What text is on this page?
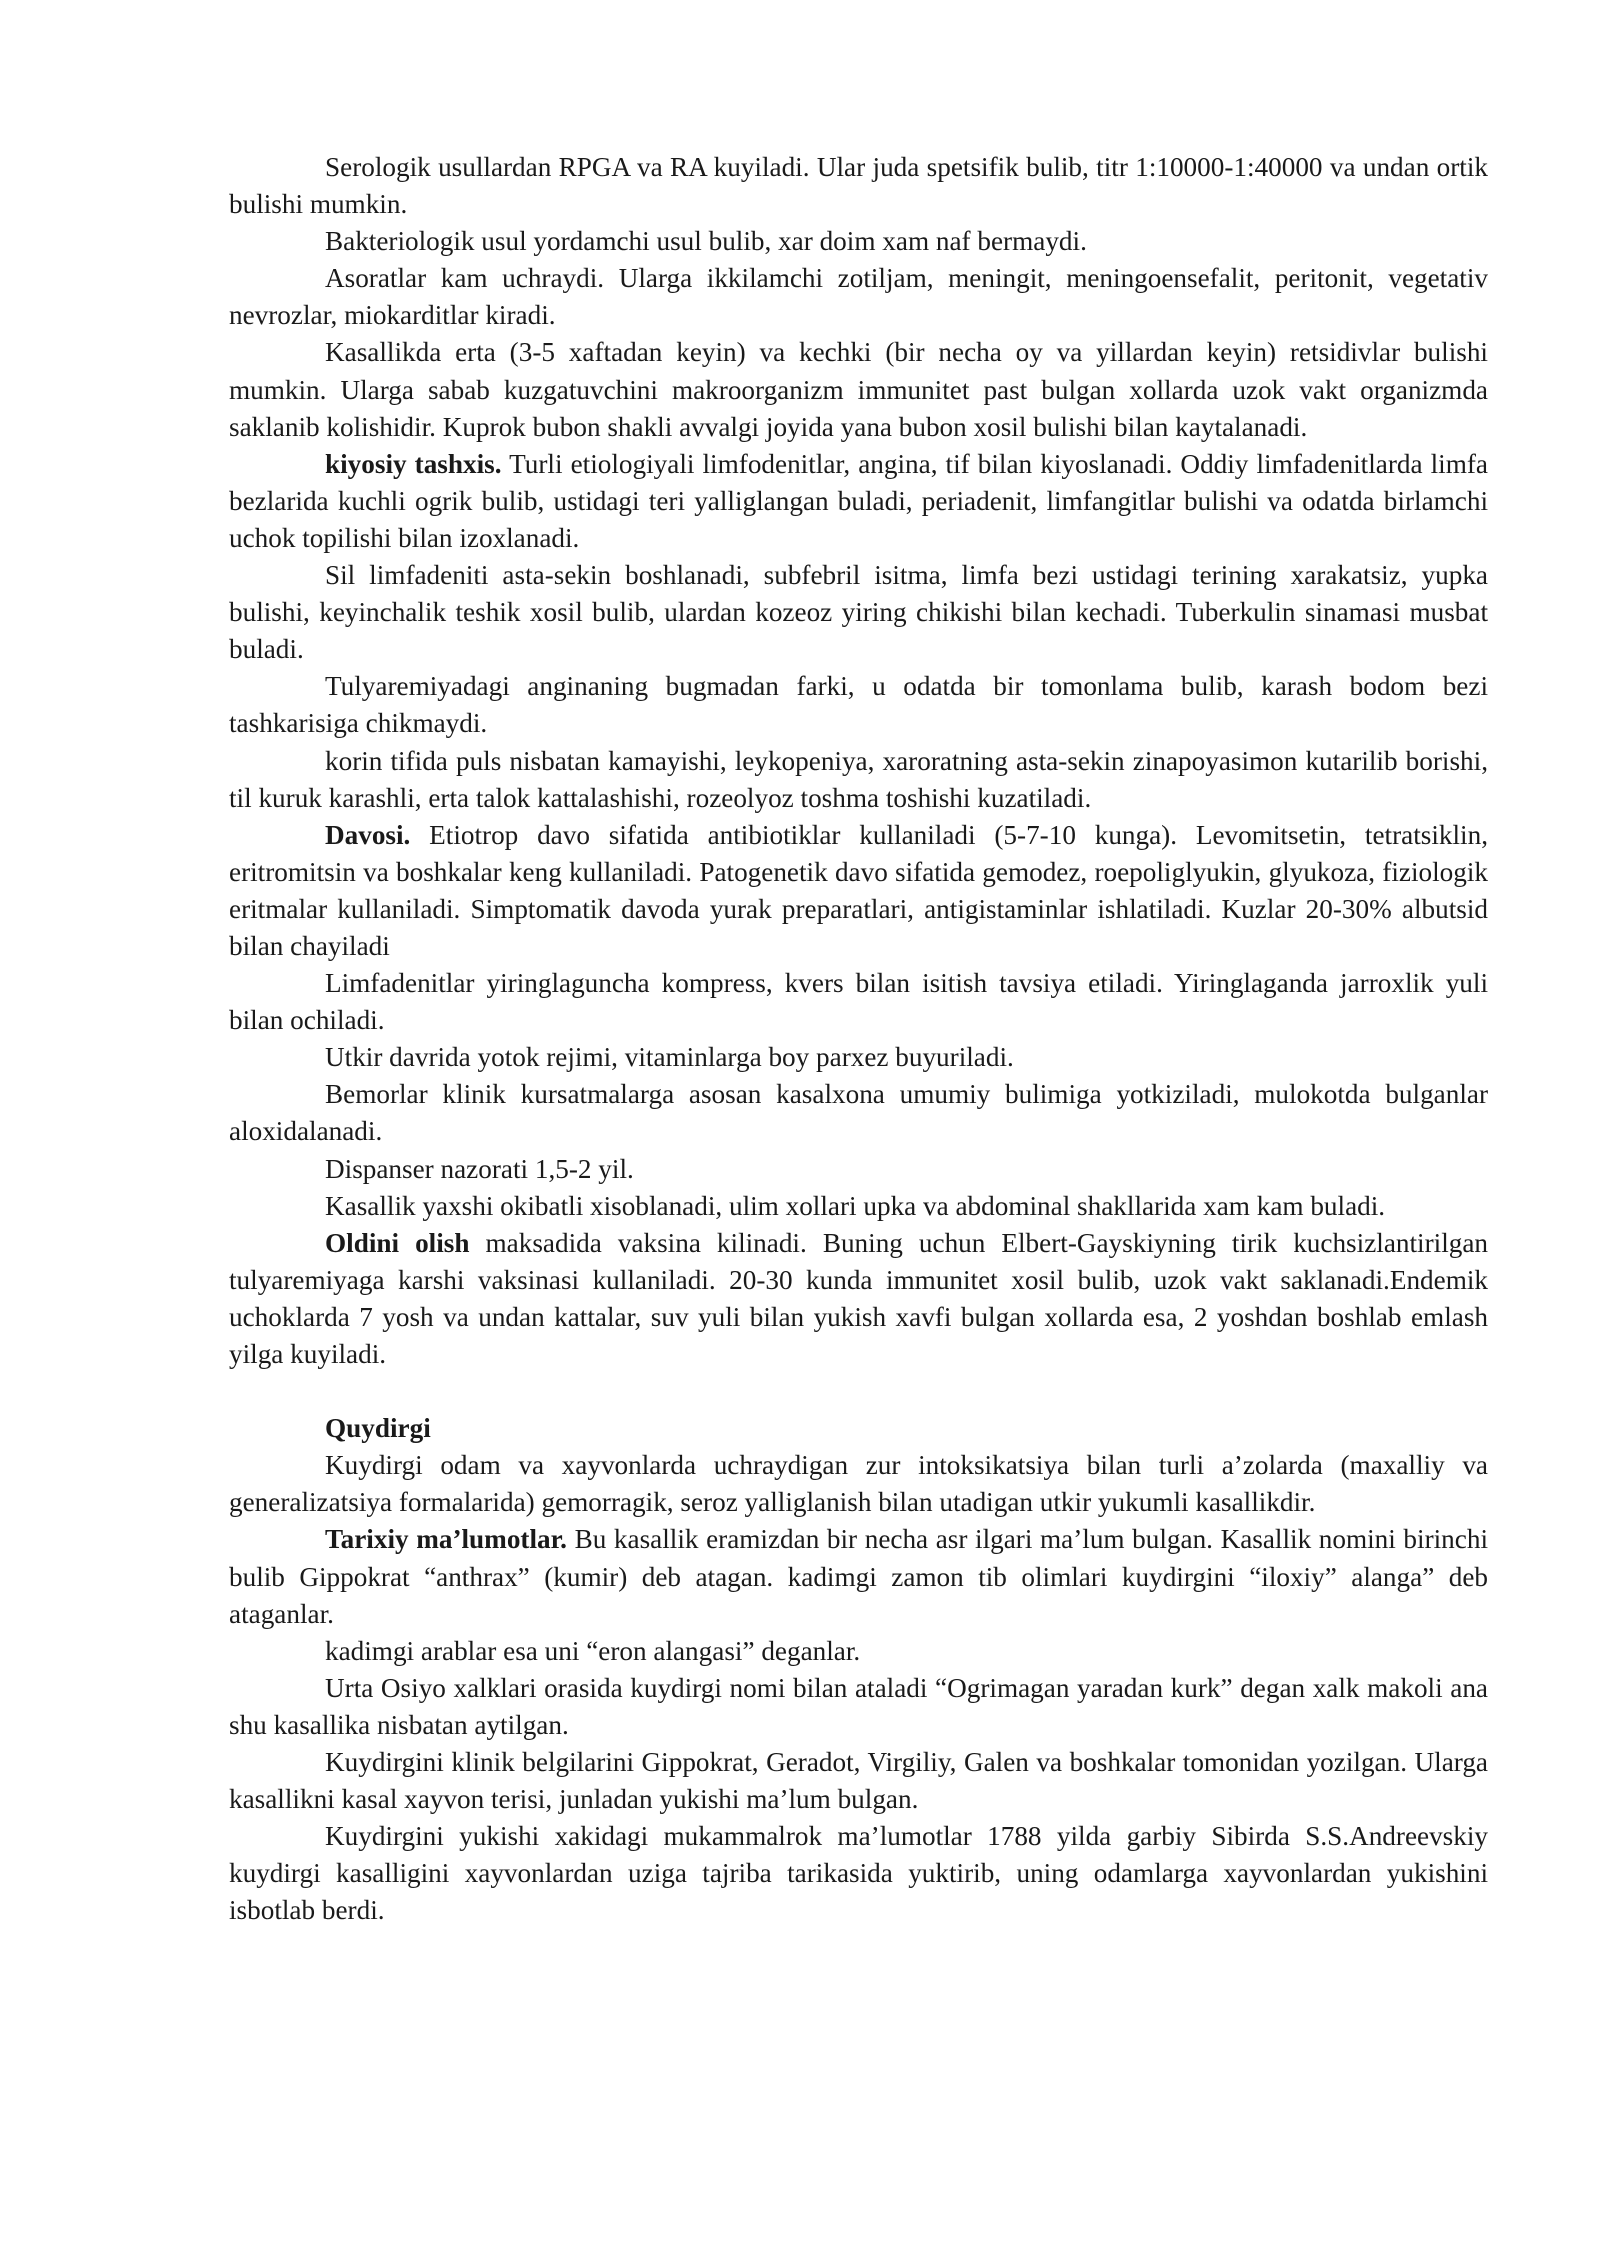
Serologik usullardan RPGA va RA kuyiladi. Ular juda spetsifik bulib, titr 1:10000-1:40000 va undan ortik bulishi mumkin.

Bakteriologik usul yordamchi usul bulib, xar doim xam naf bermaydi.

Asoratlar kam uchraydi. Ularga ikkilamchi zotiljam, meningit, meningoensefalit, peritonit, vegetativ nevrozlar, miokarditlar kiradi.

Kasallikda erta (3-5 xaftadan keyin) va kechki (bir necha oy va yillardan keyin) retsidivlar bulishi mumkin. Ularga sabab kuzgatuvchini makroorganizm immunitet past bulgan xollarda uzok vakt organizmda saklanib kolishidir. Kuprok bubon shakli avvalgi joyida yana bubon xosil bulishi bilan kaytalanadi.

kiyosiy tashxis. Turli etiologiyali limfodenitlar, angina, tif bilan kiyoslanadi. Oddiy limfadenitlarda limfa bezlarida kuchli ogrik bulib, ustidagi teri yalliglangan buladi, periadenit, limfangitlar bulishi va odatda birlamchi uchok topilishi bilan izoxlanadi.

Sil limfadeniti asta-sekin boshlanadi, subfebril isitma, limfa bezi ustidagi terining xarakatsiz, yupka bulishi, keyinchalik teshik xosil bulib, ulardan kozeoz yiring chikishi bilan kechadi. Tuberkulin sinamasi musbat buladi.

Tulyaremiyadagi anginaning bugmadan farki, u odatda bir tomonlama bulib, karash bodom bezi tashkarisiga chikmaydi.

korin tifida puls nisbatan kamayishi, leykopeniya, xaroratning asta-sekin zinapoyasimon kutarilib borishi, til kuruk karashli, erta talok kattalashishi, rozeolyoz toshma toshishi kuzatiladi.

Davosi. Etiotrop davo sifatida antibiotiklar kullaniladi (5-7-10 kunga). Levomitsetin, tetratsiklin, eritromitsin va boshkalar keng kullaniladi. Patogenetik davo sifatida gemodez, roepoliglyukin, glyukoza, fiziologik eritmalar kullaniladi. Simptomatik davoda yurak preparatlari, antigistaminlar ishlatiladi. Kuzlar 20-30% albutsid bilan chayiladi

Limfadenitlar yiringlaguncha kompress, kvers bilan isitish tavsiya etiladi. Yiringlaganda jarroxlik yuli bilan ochiladi.

Utkir davrida yotok rejimi, vitaminlarga boy parxez buyuriladi.

Bemorlar klinik kursatmalarga asosan kasalxona umumiy bulimiga yotkiziladi, mulokotda bulganlar aloxidalanadi.

Dispanser nazorati 1,5-2 yil.

Kasallik yaxshi okibatli xisoblanadi, ulim xollari upka va abdominal shakllarida xam kam buladi.

Oldini olish maksadida vaksina kilinadi. Buning uchun Elbert-Gayskiyning tirik kuchsizlantirilgan tulyaremiyaga karshi vaksinasi kullaniladi. 20-30 kunda immunitet xosil bulib, uzok vakt saklanadi.Endemik uchoklarda 7 yosh va undan kattalar, suv yuli bilan yukish xavfi bulgan xollarda esa, 2 yoshdan boshlab emlash yilga kuyiladi.

Quydirgi

Kuydirgi odam va xayvonlarda uchraydigan zur intoksikatsiya bilan turli a’zolarda (maxalliy va generalizatsiya formalarida) gemorragik, seroz yalliglanish bilan utadigan utkir yukumli kasallikdir.

Tarixiy ma’lumotlar. Bu kasallik eramizdan bir necha asr ilgari ma’lum bulgan. Kasallik nomini birinchi bulib Gippokrat “anthrax” (kumir) deb atagan. kadimgi zamon tib olimlari kuydirgini “iloxiy” alanga” deb ataganlar.

kadimgi arablar esa uni “eron alangasi” deganlar.

Urta Osiyo xalklari orasida kuydirgi nomi bilan ataladi “Ogrimagan yaradan kurk” degan xalk makoli ana shu kasallika nisbatan aytilgan.

Kuydirgini klinik belgilarini Gippokrat, Geradot, Virgiliy, Galen va boshkalar tomonidan yozilgan. Ularga kasallikni kasal xayvon terisi, junladan yukishi ma’lum bulgan.

Kuydirgini yukishi xakidagi mukammalrok ma’lumotlar 1788 yilda garbiy Sibirda S.S.Andreevskiy kuydirgi kasalligini xayvonlardan uziga tajriba tarikasida yuktirib, uning odamlarga xayvonlardan yukishini isbotlab berdi.
